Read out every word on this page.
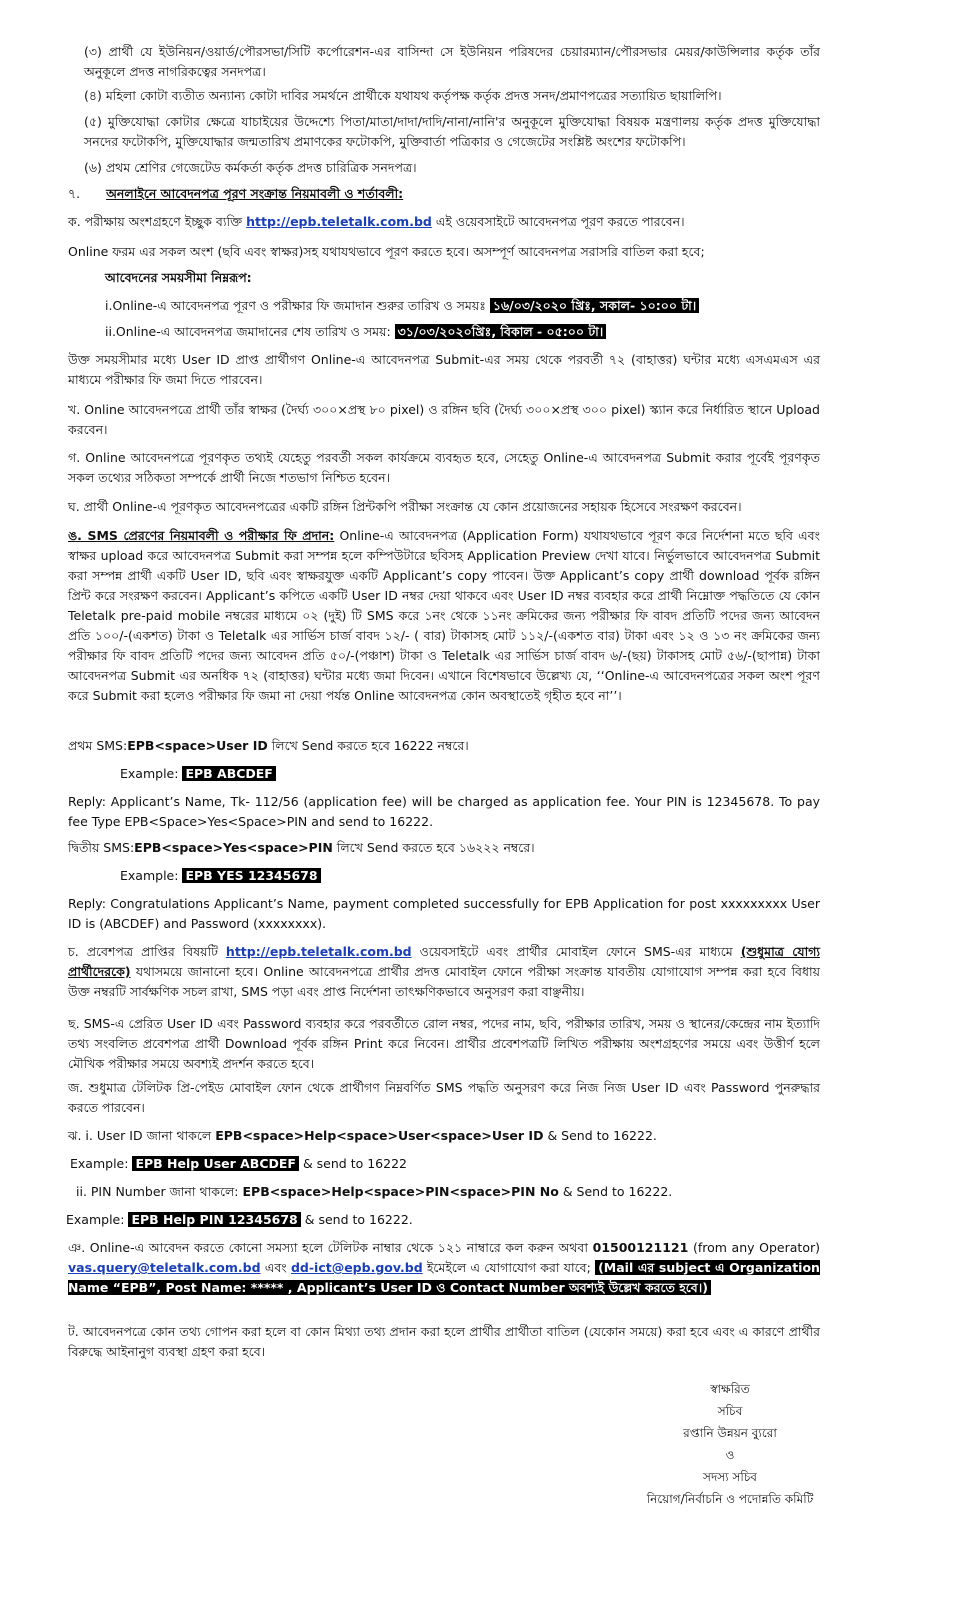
(৩) প্রার্থী যে ইউনিয়ন/ওয়ার্ড/পৌরসভা/সিটি কর্পোরেশন-এর বাসিন্দা সে ইউনিয়ন পরিষদের চেয়ারম্যান/পৌরসভার মেয়র/কাউন্সিলার কর্তৃক তাঁর অনুকূলে প্রদত্ত নাগরিকত্বের সনদপত্র।

(৪) মহিলা কোটা ব্যতীত অন্যান্য কোটা দাবির সমর্থনে প্রার্থীকে যথাযথ কর্তৃপক্ষ কর্তৃক প্রদত্ত সনদ/প্রমাণপত্রের সত্যায়িত ছায়ালিপি।

(৫) মুক্তিযোদ্ধা কোটার ক্ষেত্রে যাচাইয়ের উদ্দেশ্যে পিতা/মাতা/দাদা/দাদি/নানা/নানি'র অনুকূলে মুক্তিযোদ্ধা বিষয়ক মন্ত্রণালয় কর্তৃক প্রদত্ত মুক্তিযোদ্ধা সনদের ফটোকপি, মুক্তিযোদ্ধার জন্মতারিখ প্রমাণকের ফটোকপি, মুক্তিবার্তা পত্রিকার ও গেজেটের সংশ্লিষ্ট অংশের ফটোকপি।

(৬) প্রথম শ্রেণির গেজেটেড কর্মকর্তা কর্তৃক প্রদত্ত চারিত্রিক সনদপত্র।

৭. অনলাইনে আবেদনপত্র পূরণ সংক্রান্ত নিয়মাবলী ও শর্তাবলী:

ক. পরীক্ষায় অংশগ্রহণে ইচ্ছুক ব্যক্তি http://epb.teletalk.com.bd এই ওয়েবসাইটে আবেদনপত্র পূরণ করতে পারবেন।

Online ফরম এর সকল অংশ (ছবি এবং স্বাক্ষর)সহ যথাযথভাবে পূরণ করতে হবে। অসম্পূর্ণ আবেদনপত্র সরাসরি বাতিল করা হবে;

আবেদনের সময়সীমা নিম্নরূপ:

i.Online-এ আবেদনপত্র পূরণ ও পরীক্ষার ফি জমাদান শুরুর তারিখ ও সময়ঃ ১৬/০৩/২০২০ খ্রিঃ, সকাল- ১০:০০ টা।

ii.Online-এ আবেদনপত্র জমাদানের শেষ তারিখ ও সময়: ৩১/০৩/২০২০খ্রিঃ, বিকাল - ০৫:০০ টা।

উক্ত সময়সীমার মধ্যে User ID প্রাপ্ত প্রার্থীগণ Online-এ আবেদনপত্র Submit-এর সময় থেকে পরবর্তী ৭২ (বাহাত্তর) ঘন্টার মধ্যে এসএমএস এর মাধ্যমে পরীক্ষার ফি জমা দিতে পারবেন।

খ. Online আবেদনপত্রে প্রার্থী তাঁর স্বাক্ষর (দৈর্ঘ্য ৩০০×প্রস্থ ৮০ pixel) ও রঙ্গিন ছবি (দৈর্ঘ্য ৩০০×প্রস্থ ৩০০ pixel) স্ক্যান করে নির্ধারিত স্থানে Upload করবেন।

গ. Online আবেদনপত্রে পূরণকৃত তথ্যই যেহেতু পরবর্তী সকল কার্যক্রমে ব্যবহৃত হবে, সেহেতু Online-এ আবেদনপত্র Submit করার পূর্বেই পূরণকৃত সকল তথ্যের সঠিকতা সম্পর্কে প্রার্থী নিজে শতভাগ নিশ্চিত হবেন।

ঘ. প্রার্থী Online-এ পূরণকৃত আবেদনপত্রের একটি রঙ্গিন প্রিন্টকপি পরীক্ষা সংক্রান্ত যে কোন প্রয়োজনের সহায়ক হিসেবে সংরক্ষণ করবেন।

ঙ. SMS প্রেরণের নিয়মাবলী ও পরীক্ষার ফি প্রদান: Online-এ আবেদনপত্র (Application Form) যথাযথভাবে পূরণ করে নির্দেশনা মতে ছবি এবং স্বাক্ষর upload করে আবেদনপত্র Submit করা সম্পন্ন হলে কম্পিউটারে ছবিসহ Application Preview দেখা যাবে। নির্ভুলভাবে আবেদনপত্র Submit করা সম্পন্ন প্রার্থী একটি User ID, ছবি এবং স্বাক্ষরযুক্ত একটি Applicant’s copy পাবেন। উক্ত Applicant’s copy প্রার্থী download পূর্বক রঙ্গিন প্রিন্ট করে সংরক্ষণ করবেন। Applicant’s কপিতে একটি User ID নম্বর দেয়া থাকবে এবং User ID নম্বর ব্যবহার করে প্রার্থী নিম্নোক্ত পদ্ধতিতে যে কোন Teletalk pre-paid mobile নম্বরের মাধ্যমে ০২ (দুই) টি SMS করে ১নং থেকে ১১নং ক্রমিকের জন্য পরীক্ষার ফি বাবদ প্রতিটি পদের জন্য আবেদন প্রতি ১০০/-(একশত) টাকা ও Teletalk এর সার্ভিস চার্জ বাবদ ১২/- ( বার) টাকাসহ মোট ১১২/-(একশত বার) টাকা এবং ১২ ও ১৩ নং ক্রমিকের জন্য পরীক্ষার ফি বাবদ প্রতিটি পদের জন্য আবেদন প্রতি ৫০/-(পঞ্চাশ) টাকা ও Teletalk এর সার্ভিস চার্জ বাবদ ৬/-(ছয়) টাকাসহ মোট ৫৬/-(ছাপান্ন) টাকা আবেদনপত্র Submit এর অনধিক ৭২ (বাহাত্তর) ঘন্টার মধ্যে জমা দিবেন। এখানে বিশেষভাবে উল্লেখ্য যে, ‘‘Online-এ আবেদনপত্রের সকল অংশ পূরণ করে Submit করা হলেও পরীক্ষার ফি জমা না দেয়া পর্যন্ত Online আবেদনপত্র কোন অবস্থাতেই গৃহীত হবে না’’।

প্রথম SMS:EPB<space>User ID লিখে Send করতে হবে 16222 নম্বরে।

Example: EPB ABCDEF

Reply: Applicant’s Name, Tk- 112/56 (application fee) will be charged as application fee. Your PIN is 12345678. To pay fee Type EPB<Space>Yes<Space>PIN and send to 16222.

দ্বিতীয় SMS:EPB<space>Yes<space>PIN লিখে Send করতে হবে ১৬২২২ নম্বরে।

Example: EPB YES 12345678

Reply: Congratulations Applicant’s Name, payment completed successfully for EPB Application for post xxxxxxxxx User ID is (ABCDEF) and Password (xxxxxxxx).

চ. প্রবেশপত্র প্রাপ্তির বিষয়টি http://epb.teletalk.com.bd ওয়েবসাইটে এবং প্রার্থীর মোবাইল ফোনে SMS-এর মাধ্যমে (শুধুমাত্র যোগ্য প্রার্থীদেরকে) যথাসময়ে জানানো হবে। Online আবেদনপত্রে প্রার্থীর প্রদত্ত মোবাইল ফোনে পরীক্ষা সংক্রান্ত যাবতীয় যোগাযোগ সম্পন্ন করা হবে বিধায় উক্ত নম্বরটি সার্বক্ষণিক সচল রাখা, SMS পড়া এবং প্রাপ্ত নির্দেশনা তাৎক্ষণিকভাবে অনুসরণ করা বাঞ্ছনীয়।

ছ. SMS-এ প্রেরিত User ID এবং Password ব্যবহার করে পরবর্তীতে রোল নম্বর, পদের নাম, ছবি, পরীক্ষার তারিখ, সময় ও স্থানের/কেন্দ্রের নাম ইত্যাদি তথ্য সংবলিত প্রবেশপত্র প্রার্থী Download পূর্বক রঙ্গিন Print করে নিবেন। প্রার্থীর প্রবেশপত্রটি লিখিত পরীক্ষায় অংশগ্রহণের সময়ে এবং উত্তীর্ণ হলে মৌখিক পরীক্ষার সময়ে অবশ্যই প্রদর্শন করতে হবে।

জ. শুধুমাত্র টেলিটক প্রি-পেইড মোবাইল ফোন থেকে প্রার্থীগণ নিম্নবর্ণিত SMS পদ্ধতি অনুসরণ করে নিজ নিজ User ID এবং Password পুনরুদ্ধার করতে পারবেন।

ঝ. i. User ID জানা থাকলে EPB<space>Help<space>User<space>User ID & Send to 16222.

Example: EPB Help User ABCDEF & send to 16222

ii. PIN Number জানা থাকলে: EPB<space>Help<space>PIN<space>PIN No & Send to 16222.

Example: EPB Help PIN 12345678 & send to 16222.

ঞ. Online-এ আবেদন করতে কোনো সমস্যা হলে টেলিটক নাম্বার থেকে ১২১ নাম্বারে কল করুন অথবা 01500121121 (from any Operator) vas.query@teletalk.com.bd এবং dd-ict@epb.gov.bd ইমেইলে এ যোগাযোগ করা যাবে; (Mail এর subject এ Organization Name “EPB”, Post Name: ***** , Applicant’s User ID ও Contact Number অবশ্যই উল্লেখ করতে হবে।)

ট. আবেদনপত্রে কোন তথ্য গোপন করা হলে বা কোন মিথ্যা তথ্য প্রদান করা হলে প্রার্থীর প্রার্থীতা বাতিল (যেকোন সময়ে) করা হবে এবং এ কারণে প্রার্থীর বিরুদ্ধে আইনানুগ ব্যবস্থা গ্রহণ করা হবে।

স্বাক্ষরিত
সচিব
রপ্তানি উন্নয়ন ব্যুরো
ও
সদস্য সচিব
নিয়োগ/নির্বাচনি ও পদোন্নতি কমিটি
